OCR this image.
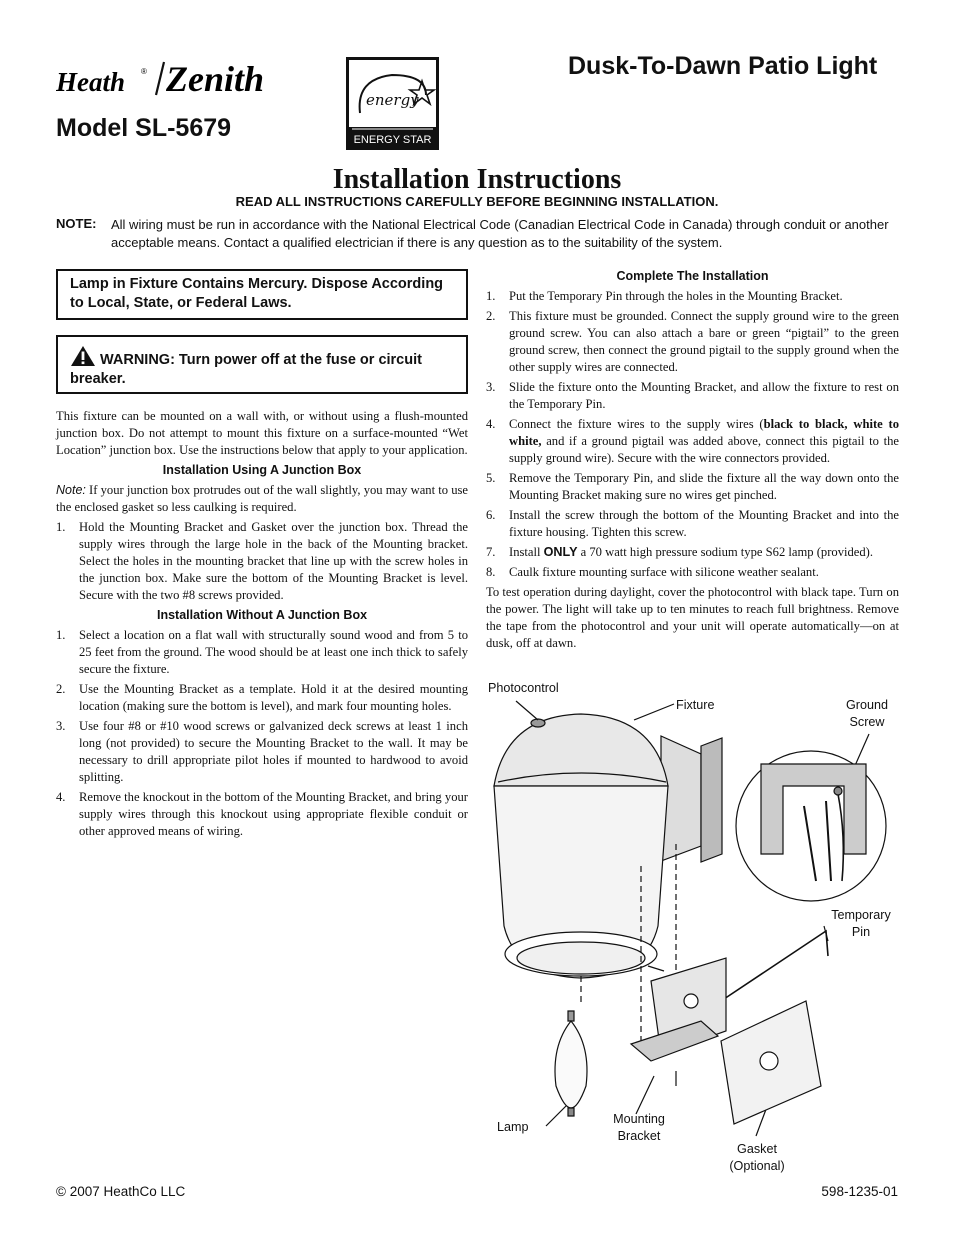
Heath ® Zenith
Model SL-5679
energy
ENERGY STAR
Dusk-To-Dawn Patio Light
Installation Instructions
READ ALL INSTRUCTIONS CAREFULLY BEFORE BEGINNING INSTALLATION.
NOTE: All wiring must be run in accordance with the National Electrical Code (Canadian Electrical Code in Canada) through conduit or another acceptable means. Contact a qualified electrician if there is any question as to the suitability of the system.
Lamp in Fixture Contains Mercury. Dispose According to Local, State, or Federal Laws.
WARNING: Turn power off at the fuse or circuit breaker.

This fixture can be mounted on a wall with, or without using a flush-mounted junction box. Do not attempt to mount this fixture on a surface-mounted “Wet Location” junction box. Use the instructions below that apply to your application.

Installation Using A Junction Box

Note: If your junction box protrudes out of the wall slightly, you may want to use the enclosed gasket so less caulking is required.

1. Hold the Mounting Bracket and Gasket over the junction box. Thread the supply wires through the large hole in the back of the Mounting bracket. Select the holes in the mounting bracket that line up with the screw holes in the junction box. Make sure the bottom of the Mounting Bracket is level. Secure with the two #8 screws provided.
Installation Without A Junction Box
1. Select a location on a flat wall with structurally sound wood and from 5 to 25 feet from the ground. The wood should be at least one inch thick to safely secure the fixture.
2. Use the Mounting Bracket as a template. Hold it at the desired mounting location (making sure the bottom is level), and mark four mounting holes.
3. Use four #8 or #10 wood screws or galvanized deck screws at least 1 inch long (not provided) to secure the Mounting Bracket to the wall. It may be necessary to drill appropriate pilot holes if mounted to hardwood to avoid splitting.
4. Remove the knockout in the bottom of the Mounting Bracket, and bring your supply wires through this knockout using appropriate flexible conduit or other approved means of wiring.
Complete The Installation
1. Put the Temporary Pin through the holes in the Mounting Bracket.
2. This fixture must be grounded. Connect the supply ground wire to the green ground screw. You can also attach a bare or green “pigtail” to the green ground screw, then connect the ground pigtail to the supply ground when the other supply wires are connected.
3. Slide the fixture onto the Mounting Bracket, and allow the fixture to rest on the Temporary Pin.
4. Connect the fixture wires to the supply wires (black to black, white to white, and if a ground pigtail was added above, connect this pigtail to the supply ground wire). Secure with the wire connectors provided.
5. Remove the Temporary Pin, and slide the fixture all the way down onto the Mounting Bracket making sure no wires get pinched.
6. Install the screw through the bottom of the Mounting Bracket and into the fixture housing. Tighten this screw.
7. Install ONLY a 70 watt high pressure sodium type S62 lamp (provided).
8. Caulk fixture mounting surface with silicone weather sealant.

To test operation during daylight, cover the photocontrol with black tape. Turn on the power. The light will take up to ten minutes to reach full brightness. Remove the tape from the photocontrol and your unit will operate automatically—on at dusk, off at dawn.

Photocontrol
Fixture	Ground
Screw
Temporary
Pin
Lamp
Mounting
Bracket
Gasket
(Optional)
© 2007 HeathCo LLC	598-1235-01
